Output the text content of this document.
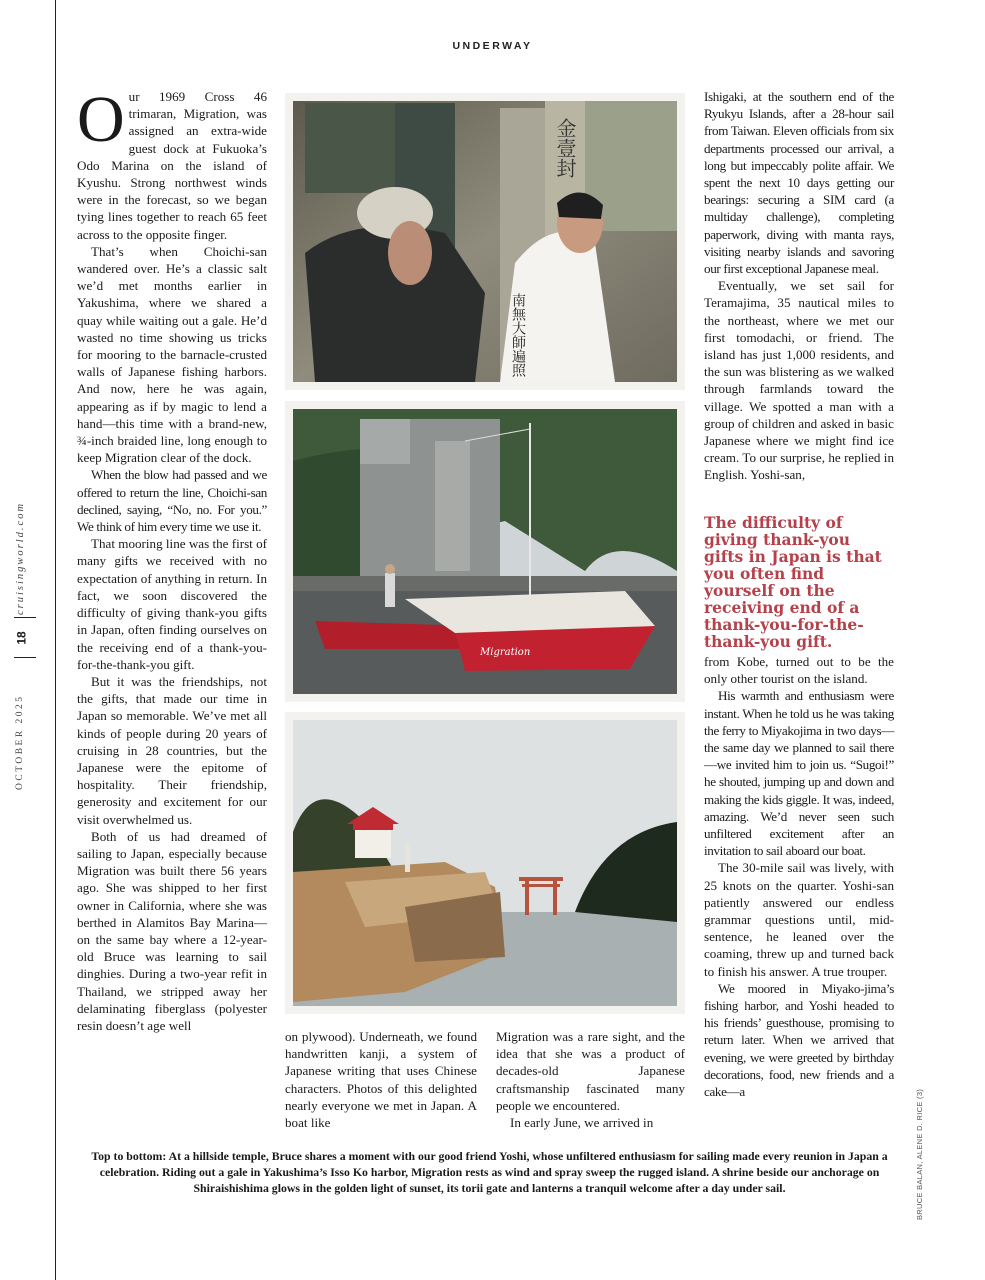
UNDERWAY
cruisingworld.com
18
OCTOBER 2025

Our 1969 Cross 46 trimaran, Migration, was assigned an extra-wide guest dock at Fukuoka’s Odo Marina on the island of Kyushu. Strong northwest winds were in the forecast, so we began tying lines together to reach 65 feet across to the opposite finger.

That’s when Choichi-san wandered over. He’s a classic salt we’d met months earlier in Yakushima, where we shared a quay while waiting out a gale. He’d wasted no time showing us tricks for mooring to the barnacle-crusted walls of Japanese fishing harbors. And now, here he was again, appearing as if by magic to lend a hand—this time with a brand-new, ¾-inch braided line, long enough to keep Migration clear of the dock.

When the blow had passed and we offered to return the line, Choichi-san declined, saying, “No, no. For you.” We think of him every time we use it.

That mooring line was the first of many gifts we received with no expectation of anything in return. In fact, we soon discovered the difficulty of giving thank-you gifts in Japan, often finding ourselves on the receiving end of a thank-you-for-the-thank-you gift.

But it was the friendships, not the gifts, that made our time in Japan so memorable. We’ve met all kinds of people during 20 years of cruising in 28 countries, but the Japanese were the epitome of hospitality. Their friendship, generosity and excitement for our visit overwhelmed us.

Both of us had dreamed of sailing to Japan, especially because Migration was built there 56 years ago. She was shipped to her first owner in California, where she was berthed in Alamitos Bay Marina—on the same bay where a 12-year-old Bruce was learning to sail dinghies. During a two-year refit in Thailand, we stripped away her delaminating fiberglass (polyester resin doesn’t age well

南無大師遍照
金壹封
Migration

on plywood). Underneath, we found handwritten kanji, a system of Japanese writing that uses Chinese characters. Photos of this delighted nearly everyone we met in Japan. A boat like

Migration was a rare sight, and the idea that she was a product of decades-old Japanese craftsmanship fascinated many people we encountered.

In early June, we arrived in

Ishigaki, at the southern end of the Ryukyu Islands, after a 28-hour sail from Taiwan. Eleven officials from six departments processed our arrival, a long but impeccably polite affair. We spent the next 10 days getting our bearings: securing a SIM card (a multiday challenge), completing paperwork, diving with manta rays, visiting nearby islands and savoring our first exceptional Japanese meal.

Eventually, we set sail for Teramajima, 35 nautical miles to the northeast, where we met our first tomodachi, or friend. The island has just 1,000 residents, and the sun was blistering as we walked through farmlands toward the village. We spotted a man with a group of children and asked in basic Japanese where we might find ice cream. To our surprise, he replied in English. Yoshi-san,

The difficulty of giving thank-you gifts in Japan is that you often find yourself on the receiving end of a thank-you-for-the-thank-you gift.

from Kobe, turned out to be the only other tourist on the island.

His warmth and enthusiasm were instant. When he told us he was taking the ferry to Miyakojima in two days—the same day we planned to sail there—we invited him to join us. “Sugoi!” he shouted, jumping up and down and making the kids giggle. It was, indeed, amazing. We’d never seen such unfiltered excitement after an invitation to sail aboard our boat.

The 30-mile sail was lively, with 25 knots on the quarter. Yoshi-san patiently answered our endless grammar questions until, mid-sentence, he leaned over the coaming, threw up and turned back to finish his answer. A true trouper.

We moored in Miyako-jima’s fishing harbor, and Yoshi headed to his friends’ guesthouse, promising to return later. When we arrived that evening, we were greeted by birthday decorations, food, new friends and a cake—a

Top to bottom: At a hillside temple, Bruce shares a moment with our good friend Yoshi, whose unfiltered enthusiasm for sailing made every reunion in Japan a celebration. Riding out a gale in Yakushima’s Isso Ko harbor, Migration rests as wind and spray sweep the rugged island. A shrine beside our anchorage on Shiraishishima glows in the golden light of sunset, its torii gate and lanterns a tranquil welcome after a day under sail.	BRUCE BALAN, ALENE D. RICE (3)
